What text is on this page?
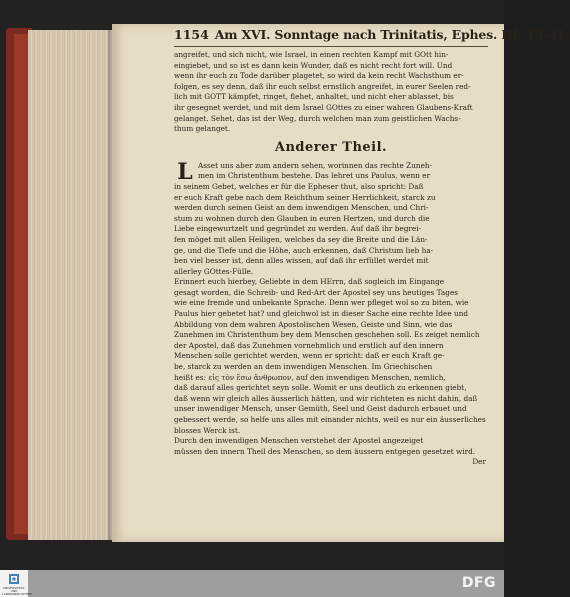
1154 Am XVI. Sonntage nach Trinitatis, Ephes. III, 13-21.
angreifet, und sich nicht, wie Israel, in einen rechten Kampf mit GOtt hin-
eingiebet, und so ist es dann kein Wunder, daß es nicht recht fort will. Und
wenn ihr euch zu Tode darüber plagetet, so wird da kein recht Wachsthum er-
folgen, es sey denn, daß ihr euch selbst ernstlich angreifet, in eurer Seelen red-
lich mit GOTT kämpfet, ringet, flehet, anhaltet, und nicht eher ablasset, bis
ihr gesegnet werdet, und mit dem Israel GOttes zu einer wahren Glaubens-Kraft
gelanget. Sehet, das ist der Weg, durch welchen man zum geistlichen Wachs-
thum gelanget.
Anderer Theil.
L Asset uns aber zum andern sehen, worinnen das rechte Zuneh-
men im Christenthum bestehe. Das lehret uns Paulus, wenn er
in seinem Gebet, welches er für die Epheser thut, also spricht: Daß
er euch Kraft gebe nach dem Reichthum seiner Herrlichkeit, starck zu
werden durch seinen Geist an dem inwendigen Menschen, und Chri-
stum zu wohnen durch den Glauben in euren Hertzen, und durch die
Liebe eingewurtzelt und gegründet zu werden. Auf daß ihr begrei-
fen möget mit allen Heiligen, welches da sey die Breite und die Län-
ge, und die Tiefe und die Höhe, auch erkennen, daß Christum lieb ha-
ben viel besser ist, denn alles wissen, auf daß ihr erfüllet werdet mit
allerley GOttes-Fülle.
Erinnert euch hierbey, Geliebte in dem HErrn, daß sogleich im Eingange
gesagt worden, die Schreib- und Red-Art der Apostel sey uns heutiges Tages
wie eine fremde und unbekante Sprache. Denn wer pfleget wol so zu biten, wie
Paulus hier gebetet hat? und gleichwol ist in dieser Sache eine rechte Idee und
Abbildung von dem wahren Apostolischen Wesen, Geiste und Sinn, wie das
Zunehmen im Christenthum bey dem Menschen geschehen soll. Es zeiget nemlich
der Apostel, daß das Zunehmen vornehmlich und erstlich auf den innern
Menschen solle gerichtet werden, wenn er spricht: daß er euch Kraft ge-
be, starck zu werden an dem inwendigen Menschen. Im Griechischen
heißt es: εἰς τὸν ἔσω ἄνθρωπον, auf den inwendigen Menschen, nemlich,
daß darauf alles gerichtet seyn solle. Womit er uns deutlich zu erkennen giebt,
daß wenn wir gleich alles äusserlich hätten, und wir richteten es nicht dahin, daß
unser inwendiger Mensch, unser Gemüth, Seel und Geist dadurch erbauet und
gebessert werde, so helfe uns alles mit einander nichts, weil es nur ein äusserliches
blosses Werck ist.
Durch den inwendigen Menschen verstehet der Apostel angezeiget
müssen den innern Theil des Menschen, so dem äussern entgegen gesetzet wird.
Der
UNIVERSITÄTS- UND LANDESBIBLIOTHEK
DFG
